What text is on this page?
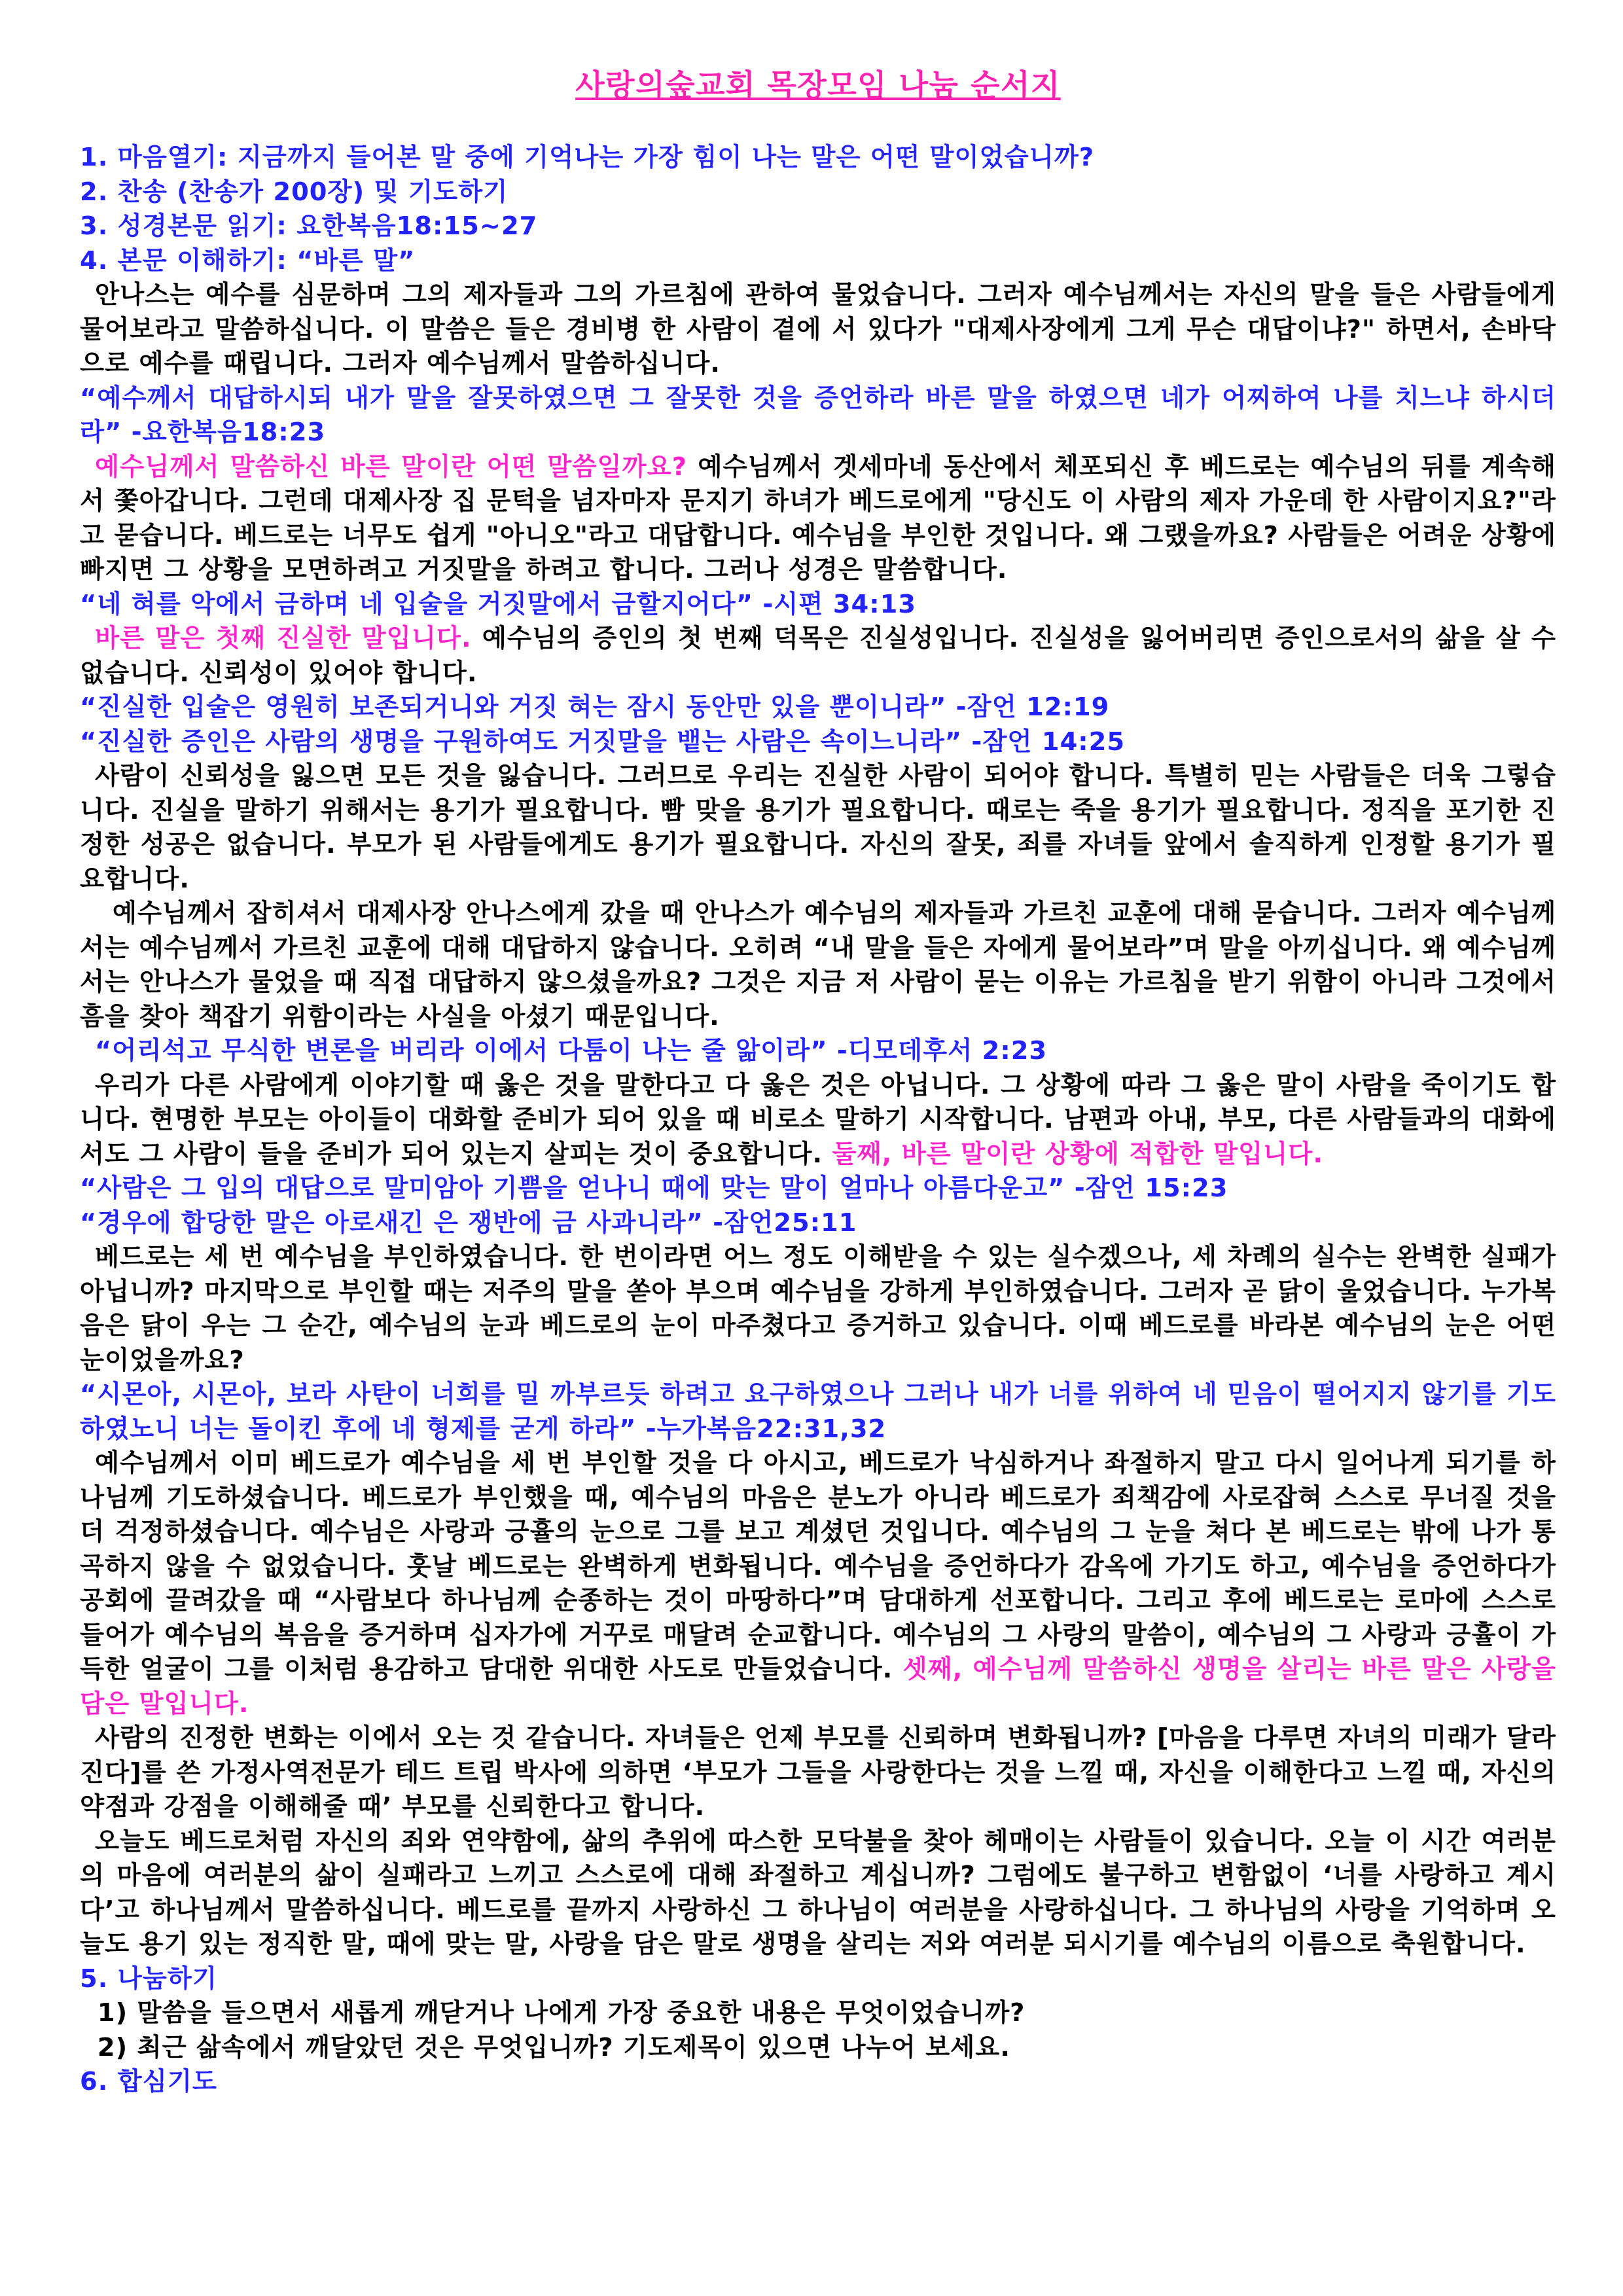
사랑의숲교회 목장모임 나눔 순서지

1. 마음열기: 지금까지 들어본 말 중에 기억나는 가장 힘이 나는 말은 어떤 말이었습니까?

2. 찬송 (찬송가 200장) 및 기도하기

3. 성경본문 읽기: 요한복음18:15~27

4. 본문 이해하기: “바른 말”

안나스는 예수를 심문하며 그의 제자들과 그의 가르침에 관하여 물었습니다. 그러자 예수님께서는 자신의 말을 들은 사람들에게 물어보라고 말씀하십니다. 이 말씀은 들은 경비병 한 사람이 곁에 서 있다가 "대제사장에게 그게 무슨 대답이냐?" 하면서, 손바닥으로 예수를 때립니다. 그러자 예수님께서 말씀하십니다.

“예수께서 대답하시되 내가 말을 잘못하였으면 그 잘못한 것을 증언하라 바른 말을 하였으면 네가 어찌하여 나를 치느냐 하시더라” -요한복음18:23

예수님께서 말씀하신 바른 말이란 어떤 말씀일까요? 예수님께서 겟세마네 동산에서 체포되신 후 베드로는 예수님의 뒤를 계속해서 쫓아갑니다. 그런데 대제사장 집 문턱을 넘자마자 문지기 하녀가 베드로에게 "당신도 이 사람의 제자 가운데 한 사람이지요?"라고 묻습니다. 베드로는 너무도 쉽게 "아니오"라고 대답합니다. 예수님을 부인한 것입니다. 왜 그랬을까요? 사람들은 어려운 상황에 빠지면 그 상황을 모면하려고 거짓말을 하려고 합니다. 그러나 성경은 말씀합니다.

“네 혀를 악에서 금하며 네 입술을 거짓말에서 금할지어다” -시편 34:13

바른 말은 첫째 진실한 말입니다. 예수님의 증인의 첫 번째 덕목은 진실성입니다. 진실성을 잃어버리면 증인으로서의 삶을 살 수 없습니다. 신뢰성이 있어야 합니다.

“진실한 입술은 영원히 보존되거니와 거짓 혀는 잠시 동안만 있을 뿐이니라” -잠언 12:19

“진실한 증인은 사람의 생명을 구원하여도 거짓말을 뱉는 사람은 속이느니라” -잠언 14:25

사람이 신뢰성을 잃으면 모든 것을 잃습니다. 그러므로 우리는 진실한 사람이 되어야 합니다. 특별히 믿는 사람들은 더욱 그렇습니다. 진실을 말하기 위해서는 용기가 필요합니다. 빰 맞을 용기가 필요합니다. 때로는 죽을 용기가 필요합니다. 정직을 포기한 진정한 성공은 없습니다. 부모가 된 사람들에게도 용기가 필요합니다. 자신의 잘못, 죄를 자녀들 앞에서 솔직하게 인정할 용기가 필요합니다.

예수님께서 잡히셔서 대제사장 안나스에게 갔을 때 안나스가 예수님의 제자들과 가르친 교훈에 대해 묻습니다. 그러자 예수님께서는 예수님께서 가르친 교훈에 대해 대답하지 않습니다. 오히려 “내 말을 들은 자에게 물어보라”며 말을 아끼십니다. 왜 예수님께서는 안나스가 물었을 때 직접 대답하지 않으셨을까요? 그것은 지금 저 사람이 묻는 이유는 가르침을 받기 위함이 아니라 그것에서 흠을 찾아 책잡기 위함이라는 사실을 아셨기 때문입니다.

“어리석고 무식한 변론을 버리라 이에서 다툼이 나는 줄 앎이라” -디모데후서 2:23

우리가 다른 사람에게 이야기할 때 옳은 것을 말한다고 다 옳은 것은 아닙니다. 그 상황에 따라 그 옳은 말이 사람을 죽이기도 합니다. 현명한 부모는 아이들이 대화할 준비가 되어 있을 때 비로소 말하기 시작합니다. 남편과 아내, 부모, 다른 사람들과의 대화에서도 그 사람이 들을 준비가 되어 있는지 살피는 것이 중요합니다. 둘째, 바른 말이란 상황에 적합한 말입니다.

“사람은 그 입의 대답으로 말미암아 기쁨을 얻나니 때에 맞는 말이 얼마나 아름다운고” -잠언 15:23

“경우에 합당한 말은 아로새긴 은 쟁반에 금 사과니라” -잠언25:11

베드로는 세 번 예수님을 부인하였습니다. 한 번이라면 어느 정도 이해받을 수 있는 실수겠으나, 세 차례의 실수는 완벽한 실패가 아닙니까? 마지막으로 부인할 때는 저주의 말을 쏟아 부으며 예수님을 강하게 부인하였습니다. 그러자 곧 닭이 울었습니다. 누가복음은 닭이 우는 그 순간, 예수님의 눈과 베드로의 눈이 마주쳤다고 증거하고 있습니다. 이때 베드로를 바라본 예수님의 눈은 어떤 눈이었을까요?

“시몬아, 시몬아, 보라 사탄이 너희를 밀 까부르듯 하려고 요구하였으나 그러나 내가 너를 위하여 네 믿음이 떨어지지 않기를 기도하였노니 너는 돌이킨 후에 네 형제를 굳게 하라” -누가복음22:31,32

예수님께서 이미 베드로가 예수님을 세 번 부인할 것을 다 아시고, 베드로가 낙심하거나 좌절하지 말고 다시 일어나게 되기를 하나님께 기도하셨습니다. 베드로가 부인했을 때, 예수님의 마음은 분노가 아니라 베드로가 죄책감에 사로잡혀 스스로 무너질 것을 더 걱정하셨습니다. 예수님은 사랑과 긍휼의 눈으로 그를 보고 계셨던 것입니다. 예수님의 그 눈을 쳐다 본 베드로는 밖에 나가 통곡하지 않을 수 없었습니다. 훗날 베드로는 완벽하게 변화됩니다. 예수님을 증언하다가 감옥에 가기도 하고, 예수님을 증언하다가 공회에 끌려갔을 때 “사람보다 하나님께 순종하는 것이 마땅하다”며 담대하게 선포합니다. 그리고 후에 베드로는 로마에 스스로 들어가 예수님의 복음을 증거하며 십자가에 거꾸로 매달려 순교합니다. 예수님의 그 사랑의 말씀이, 예수님의 그 사랑과 긍휼이 가득한 얼굴이 그를 이처럼 용감하고 담대한 위대한 사도로 만들었습니다. 셋째, 예수님께 말씀하신 생명을 살리는 바른 말은 사랑을 담은 말입니다.

사람의 진정한 변화는 이에서 오는 것 같습니다. 자녀들은 언제 부모를 신뢰하며 변화됩니까? [마음을 다루면 자녀의 미래가 달라진다]를 쓴 가정사역전문가 테드 트립 박사에 의하면 ‘부모가 그들을 사랑한다는 것을 느낄 때, 자신을 이해한다고 느낄 때, 자신의 약점과 강점을 이해해줄 때’ 부모를 신뢰한다고 합니다.

오늘도 베드로처럼 자신의 죄와 연약함에, 삶의 추위에 따스한 모닥불을 찾아 헤매이는 사람들이 있습니다. 오늘 이 시간 여러분의 마음에 여러분의 삶이 실패라고 느끼고 스스로에 대해 좌절하고 계십니까? 그럼에도 불구하고 변함없이 ‘너를 사랑하고 계시다’고 하나님께서 말씀하십니다. 베드로를 끝까지 사랑하신 그 하나님이 여러분을 사랑하십니다. 그 하나님의 사랑을 기억하며 오늘도 용기 있는 정직한 말, 때에 맞는 말, 사랑을 담은 말로 생명을 살리는 저와 여러분 되시기를 예수님의 이름으로 축원합니다.

5. 나눔하기

1) 말씀을 들으면서 새롭게 깨닫거나 나에게 가장 중요한 내용은 무엇이었습니까?

2) 최근 삶속에서 깨달았던 것은 무엇입니까? 기도제목이 있으면 나누어 보세요.

6. 합심기도
